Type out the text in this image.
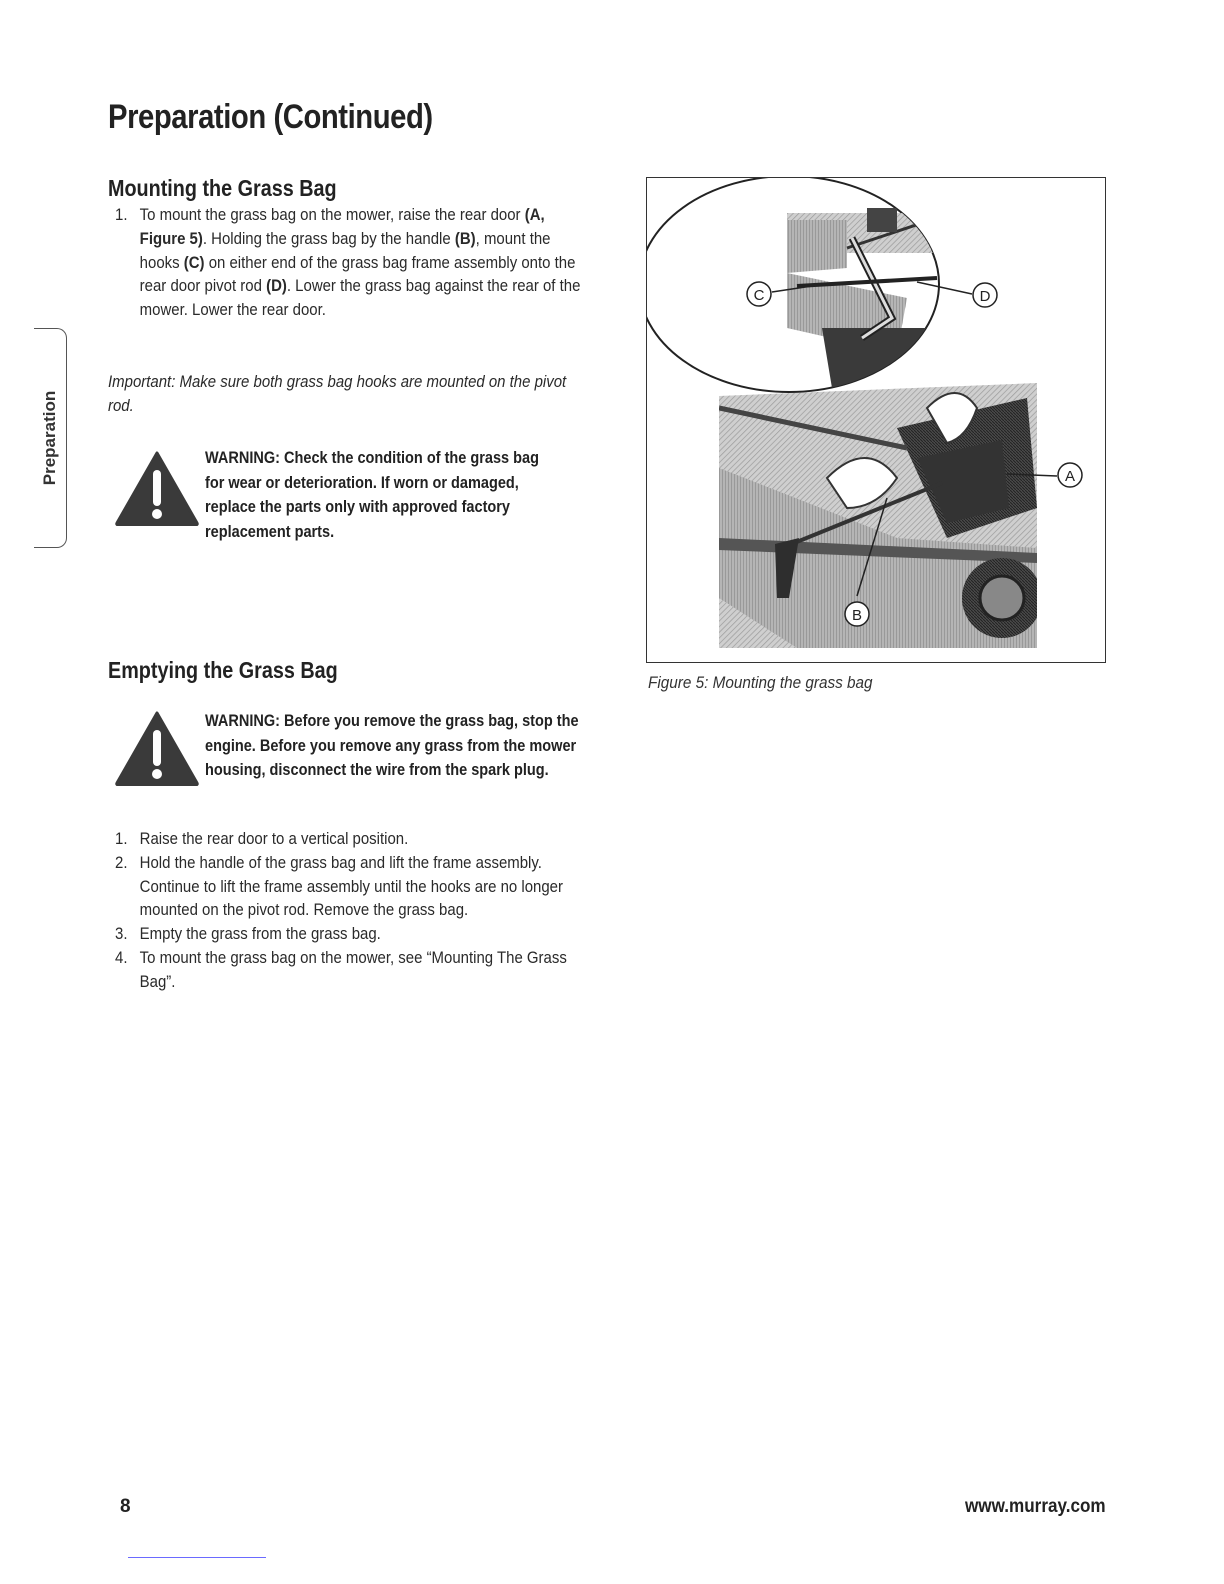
Preparation (Continued)
Preparation
Mounting the Grass Bag
1. To mount the grass bag on the mower, raise the rear door (A, Figure 5). Holding the grass bag by the handle (B), mount the hooks (C) on either end of the grass bag frame assembly onto the rear door pivot rod (D). Lower the grass bag against the rear of the mower. Lower the rear door.
Important: Make sure both grass bag hooks are mounted on the pivot rod.
WARNING: Check the condition of the grass bag for wear or deterioration. If worn or damaged, replace the parts only with approved factory replacement parts.
Emptying the Grass Bag
WARNING: Before you remove the grass bag, stop the engine. Before you remove any grass from the mower housing, disconnect the wire from the spark plug.
1. Raise the rear door to a vertical position.
2. Hold the handle of the grass bag and lift the frame assembly. Continue to lift the frame assembly until the hooks are no longer mounted on the pivot rod. Remove the grass bag.
3. Empty the grass from the grass bag.
4. To mount the grass bag on the mower, see “Mounting The Grass Bag”.
C	D
A
B
Figure 5: Mounting the grass bag
8	www.murray.com
